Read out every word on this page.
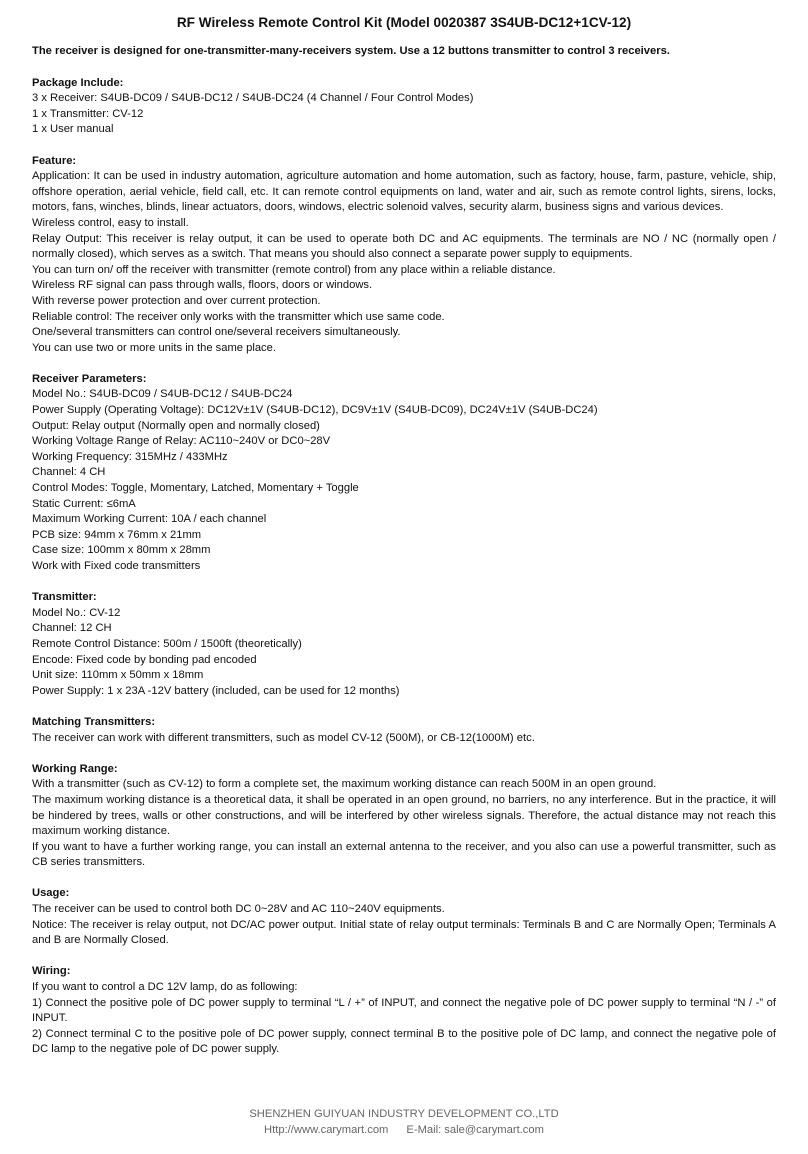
RF Wireless Remote Control Kit (Model 0020387 3S4UB-DC12+1CV-12)
The receiver is designed for one-transmitter-many-receivers system. Use a 12 buttons transmitter to control 3 receivers.
Package Include:
3 x Receiver: S4UB-DC09 / S4UB-DC12 / S4UB-DC24 (4 Channel / Four Control Modes)
1 x Transmitter: CV-12
1 x User manual
Feature:
Application: It can be used in industry automation, agriculture automation and home automation, such as factory, house, farm, pasture, vehicle, ship, offshore operation, aerial vehicle, field call, etc. It can remote control equipments on land, water and air, such as remote control lights, sirens, locks, motors, fans, winches, blinds, linear actuators, doors, windows, electric solenoid valves, security alarm, business signs and various devices.
Wireless control, easy to install.
Relay Output: This receiver is relay output, it can be used to operate both DC and AC equipments. The terminals are NO / NC (normally open / normally closed), which serves as a switch. That means you should also connect a separate power supply to equipments.
You can turn on/ off the receiver with transmitter (remote control) from any place within a reliable distance.
Wireless RF signal can pass through walls, floors, doors or windows.
With reverse power protection and over current protection.
Reliable control: The receiver only works with the transmitter which use same code.
One/several transmitters can control one/several receivers simultaneously.
You can use two or more units in the same place.
Receiver Parameters:
Model No.: S4UB-DC09 / S4UB-DC12 / S4UB-DC24
Power Supply (Operating Voltage): DC12V±1V (S4UB-DC12), DC9V±1V (S4UB-DC09), DC24V±1V (S4UB-DC24)
Output: Relay output (Normally open and normally closed)
Working Voltage Range of Relay: AC110~240V or DC0~28V
Working Frequency: 315MHz / 433MHz
Channel: 4 CH
Control Modes: Toggle, Momentary, Latched, Momentary + Toggle
Static Current: ≤6mA
Maximum Working Current: 10A / each channel
PCB size: 94mm x 76mm x 21mm
Case size: 100mm x 80mm x 28mm
Work with Fixed code transmitters
Transmitter:
Model No.: CV-12
Channel: 12 CH
Remote Control Distance: 500m / 1500ft (theoretically)
Encode: Fixed code by bonding pad encoded
Unit size: 110mm x 50mm x 18mm
Power Supply: 1 x 23A -12V battery (included, can be used for 12 months)
Matching Transmitters:
The receiver can work with different transmitters, such as model CV-12 (500M), or CB-12(1000M) etc.
Working Range:
With a transmitter (such as CV-12) to form a complete set, the maximum working distance can reach 500M in an open ground.
The maximum working distance is a theoretical data, it shall be operated in an open ground, no barriers, no any interference. But in the practice, it will be hindered by trees, walls or other constructions, and will be interfered by other wireless signals. Therefore, the actual distance may not reach this maximum working distance.
If you want to have a further working range, you can install an external antenna to the receiver, and you also can use a powerful transmitter, such as CB series transmitters.
Usage:
The receiver can be used to control both DC 0~28V and AC 110~240V equipments.
Notice: The receiver is relay output, not DC/AC power output. Initial state of relay output terminals: Terminals B and C are Normally Open; Terminals A and B are Normally Closed.
Wiring:
If you want to control a DC 12V lamp, do as following:
1) Connect the positive pole of DC power supply to terminal “L / +” of INPUT, and connect the negative pole of DC power supply to terminal “N / -” of INPUT.
2) Connect terminal C to the positive pole of DC power supply, connect terminal B to the positive pole of DC lamp, and connect the negative pole of DC lamp to the negative pole of DC power supply.
SHENZHEN GUIYUAN INDUSTRY DEVELOPMENT CO.,LTD
Http://www.carymart.com E-Mail: sale@carymart.com
